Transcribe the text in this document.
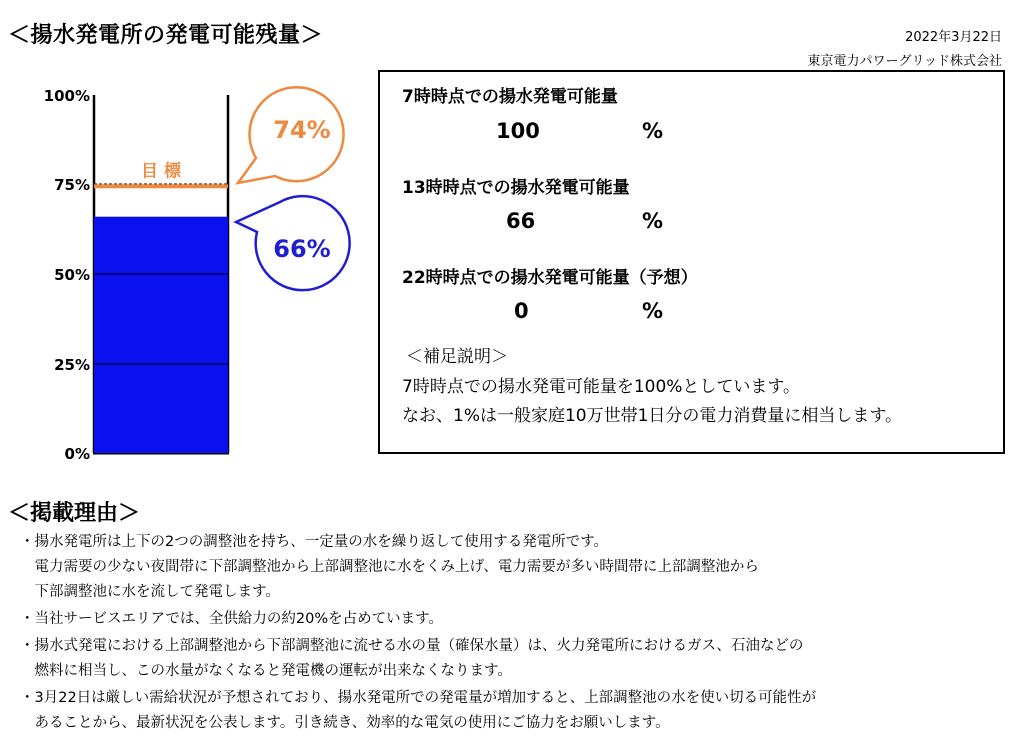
＜揚水発電所の発電可能残量＞	2022年3月22日
東京電力パワーグリッド株式会社
目 標
100%
75%
50%
25%
0%
74%
66%
7時時点での揚水発電可能量
100	%
13時時点での揚水発電可能量
66	%
22時時点での揚水発電可能量（予想）
0	%
＜補足説明＞
7時時点での揚水発電可能量を100%としています。
なお、1%は一般家庭10万世帯1日分の電力消費量に相当します。
＜掲載理由＞
・揚水発電所は上下の2つの調整池を持ち、一定量の水を繰り返して使用する発電所です。
　電力需要の少ない夜間帯に下部調整池から上部調整池に水をくみ上げ、電力需要が多い時間帯に上部調整池から
　下部調整池に水を流して発電します。
・当社サービスエリアでは、全供給力の約20%を占めています。
・揚水式発電における上部調整池から下部調整池に流せる水の量（確保水量）は、火力発電所におけるガス、石油などの
　燃料に相当し、この水量がなくなると発電機の運転が出来なくなります。
・3月22日は厳しい需給状況が予想されており、揚水発電所での発電量が増加すると、上部調整池の水を使い切る可能性が
　あることから、最新状況を公表します。引き続き、効率的な電気の使用にご協力をお願いします。
